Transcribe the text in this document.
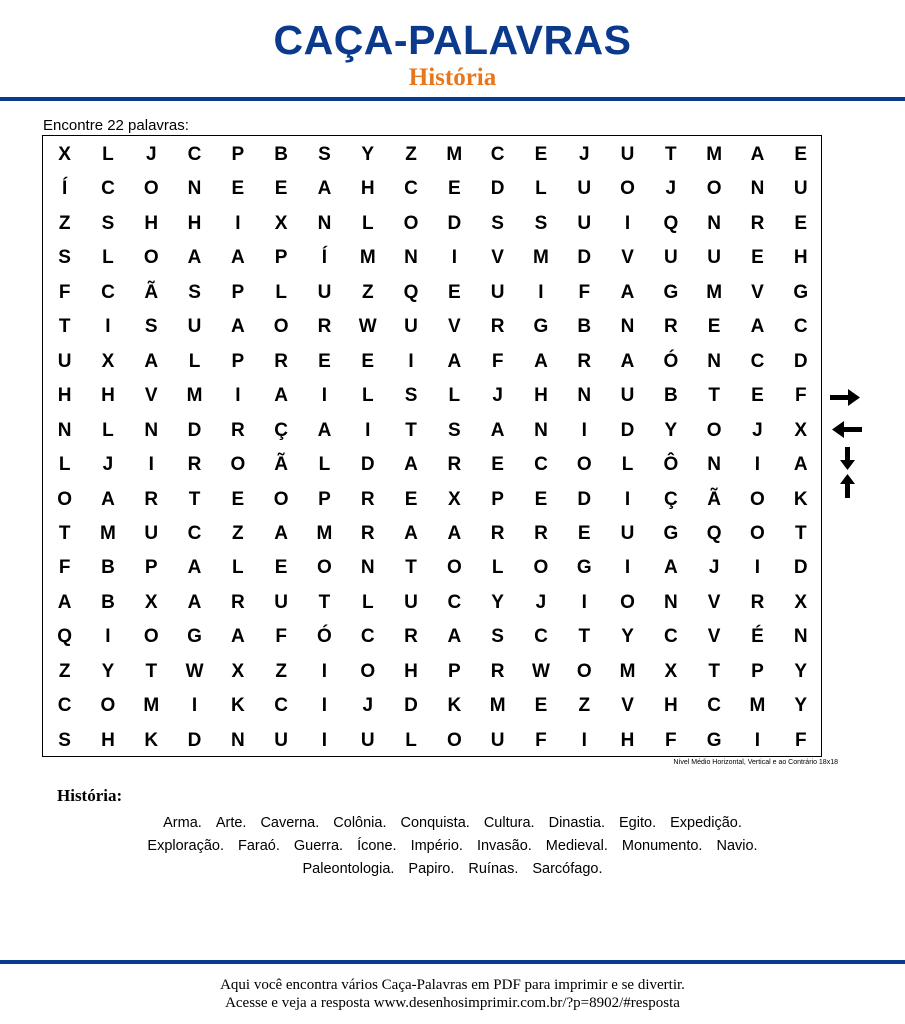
CAÇA-PALAVRAS
História
Encontre 22 palavras:
X	L	J	C	P	B	S	Y	Z	M	C	E	J	U	T	M	A	E
Í	C	O	N	E	E	A	H	C	E	D	L	U	O	J	O	N	U
Z	S	H	H	I	X	N	L	O	D	S	S	U	I	Q	N	R	E
S	L	O	A	A	P	Í	M	N	I	V	M	D	V	U	U	E	H
F	C	Ã	S	P	L	U	Z	Q	E	U	I	F	A	G	M	V	G
T	I	S	U	A	O	R	W	U	V	R	G	B	N	R	E	A	C
U	X	A	L	P	R	E	E	I	A	F	A	R	A	Ó	N	C	D
H	H	V	M	I	A	I	L	S	L	J	H	N	U	B	T	E	F
N	L	N	D	R	Ç	A	I	T	S	A	N	I	D	Y	O	J	X
L	J	I	R	O	Ã	L	D	A	R	E	C	O	L	Ô	N	I	A
O	A	R	T	E	O	P	R	E	X	P	E	D	I	Ç	Ã	O	K
T	M	U	C	Z	A	M	R	A	A	R	R	E	U	G	Q	O	T
F	B	P	A	L	E	O	N	T	O	L	O	G	I	A	J	I	D
A	B	X	A	R	U	T	L	U	C	Y	J	I	O	N	V	R	X
Q	I	O	G	A	F	Ó	C	R	A	S	C	T	Y	C	V	É	N
Z	Y	T	W	X	Z	I	O	H	P	R	W	O	M	X	T	P	Y
C	O	M	I	K	C	I	J	D	K	M	E	Z	V	H	C	M	Y
S	H	K	D	N	U	I	U	L	O	U	F	I	H	F	G	I	F
Nível Médio Horizontal, Vertical e ao Contrário 18x18
História:
Arma. Arte. Caverna. Colônia. Conquista. Cultura. Dinastia. Egito. Expedição.
Exploração. Faraó. Guerra. Ícone. Império. Invasão. Medieval. Monumento. Navio.
Paleontologia. Papiro. Ruínas. Sarcófago.
Aqui você encontra vários Caça-Palavras em PDF para imprimir e se divertir.
Acesse e veja a resposta www.desenhosimprimir.com.br/?p=8902/#resposta
